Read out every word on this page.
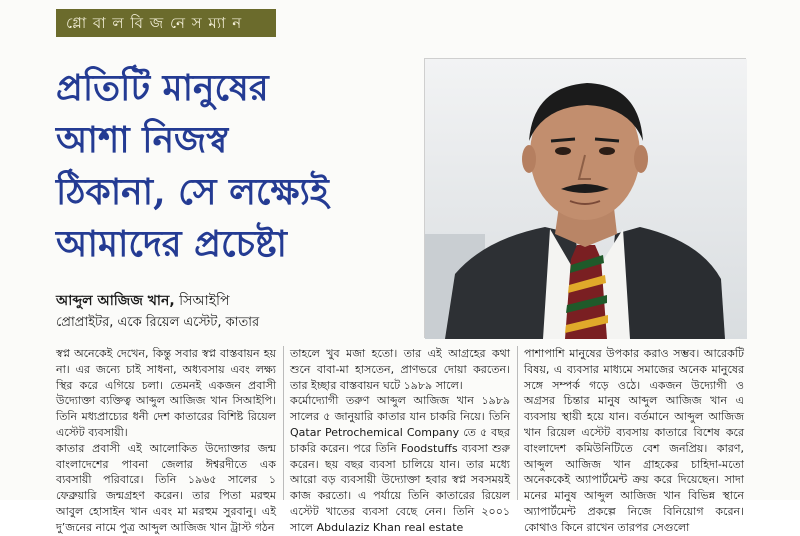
গ্লো বা ল বি জ নে স ম্যা ন
প্রতিটি মানুষের
আশা নিজস্ব
ঠিকানা, সে লক্ষ্যেই
আমাদের প্রচেষ্টা
আব্দুল আজিজ খান, সিআইপি
প্রোপ্রাইটর, একে রিয়েল এস্টেট, কাতার

স্বপ্ন অনেকেই দেখেন, কিন্তু সবার স্বপ্ন বাস্তবায়ন হয় না। এর জন্যে চাই সাধনা, অধ্যবসায় এবং লক্ষ্য স্থির করে এগিয়ে চলা। তেমনই একজন প্রবাসী উদ্যোক্তা ব্যক্তিত্ব আব্দুল আজিজ খান সিআইপি। তিনি মধ্যপ্রাচ্যের ধনী দেশ কাতারের বিশিষ্ট রিয়েল এস্টেট ব্যবসায়ী।

কাতার প্রবাসী এই আলোকিত উদ্যোক্তার জন্ম বাংলাদেশের পাবনা জেলার ঈশ্বরদীতে এক ব্যবসায়ী পরিবারে। তিনি ১৯৬৫ সালের ১ ফেব্রুয়ারি জন্মগ্রহণ করেন। তার পিতা মরহুম আবুল হোসাইন খান এবং মা মরহুম সুরবানু। এই দু’জনের নামে পুত্র আব্দুল আজিজ খান ট্রাস্ট গঠন

তাহলে খুব মজা হতো। তার এই আগ্রহের কথা শুনে বাবা-মা হাসতেন, প্রাণভরে দোয়া করতেন। তার ইচ্ছার বাস্তবায়ন ঘটে ১৯৮৯ সালে।

কর্মোদ্যোগী তরুণ আব্দুল আজিজ খান ১৯৮৯ সালের ৫ জানুয়ারি কাতার যান চাকরি নিয়ে। তিনি Qatar Petrochemical Company তে ৫ বছর চাকরি করেন। পরে তিনি Foodstuffs ব্যবসা শুরু করেন। ছয় বছর ব্যবসা চালিয়ে যান। তার মধ্যে আরো বড় ব্যবসায়ী উদ্যোক্তা হবার স্বপ্ন সবসময়ই কাজ করতো। এ পর্যায়ে তিনি কাতারের রিয়েল এস্টেট খাতের ব্যবসা বেছে নেন। তিনি ২০০১ সালে Abdulaziz Khan real estate

পাশাপাশি মানুষের উপকার করাও সম্ভব। আরেকটি বিষয়, এ ব্যবসার মাধ্যমে সমাজের অনেক মানুষের সঙ্গে সম্পর্ক গড়ে ওঠে। একজন উদ্যোগী ও অগ্রসর চিন্তার মানুষ আব্দুল আজিজ খান এ ব্যবসায় স্থায়ী হয়ে যান। বর্তমানে আব্দুল আজিজ খান রিয়েল এস্টেট ব্যবসায় কাতারে বিশেষ করে বাংলাদেশ কমিউনিটিতে বেশ জনপ্রিয়। কারণ, আব্দুল আজিজ খান গ্রাহকের চাহিদা-মতো অনেককেই অ্যাপার্টমেন্ট ক্রয় করে দিয়েছেন। সাদা মনের মানুষ আব্দুল আজিজ খান বিভিন্ন স্থানে অ্যাপার্টমেন্ট প্রকল্পে নিজে বিনিয়োগ করেন। কোথাও কিনে রাখেন তারপর সেগুলো
